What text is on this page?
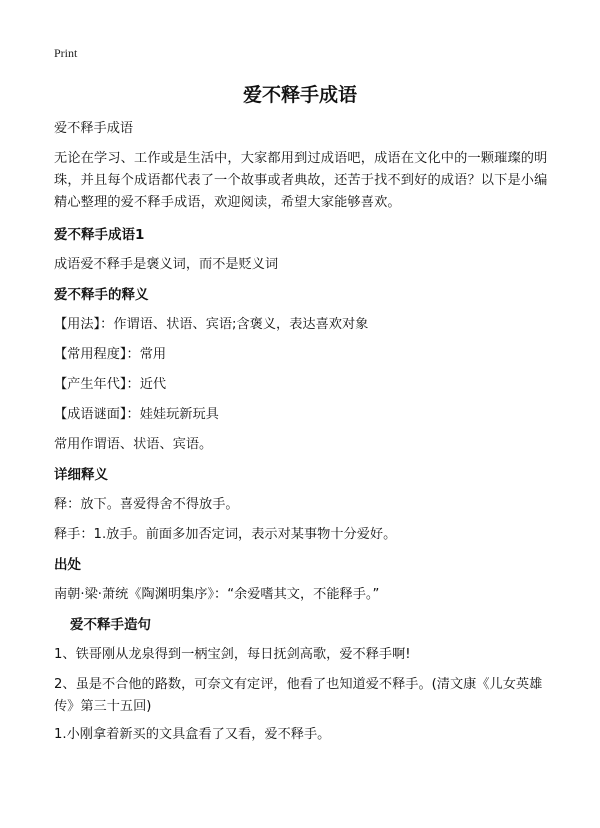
Print
爱不释手成语

爱不释手成语

无论在学习、工作或是生活中，大家都用到过成语吧，成语在文化中的一颗璀璨的明珠，并且每个成语都代表了一个故事或者典故，还苦于找不到好的成语？以下是小编精心整理的爱不释手成语，欢迎阅读，希望大家能够喜欢。

爱不释手成语1

成语爱不释手是褒义词，而不是贬义词

爱不释手的释义

【用法】：作谓语、状语、宾语;含褒义，表达喜欢对象

【常用程度】：常用

【产生年代】：近代

【成语谜面】：娃娃玩新玩具

常用作谓语、状语、宾语。

详细释义

释：放下。喜爱得舍不得放手。

释手：1.放手。前面多加否定词，表示对某事物十分爱好。

出处

南朝·梁·萧统《陶渊明集序》：“余爱嗜其文，不能释手。”

爱不释手造句

1、铁哥刚从龙泉得到一柄宝剑，每日抚剑高歌，爱不释手啊!

2、虽是不合他的路数，可奈文有定评，他看了也知道爱不释手。(清文康《儿女英雄传》第三十五回)

1.小刚拿着新买的文具盒看了又看，爱不释手。
